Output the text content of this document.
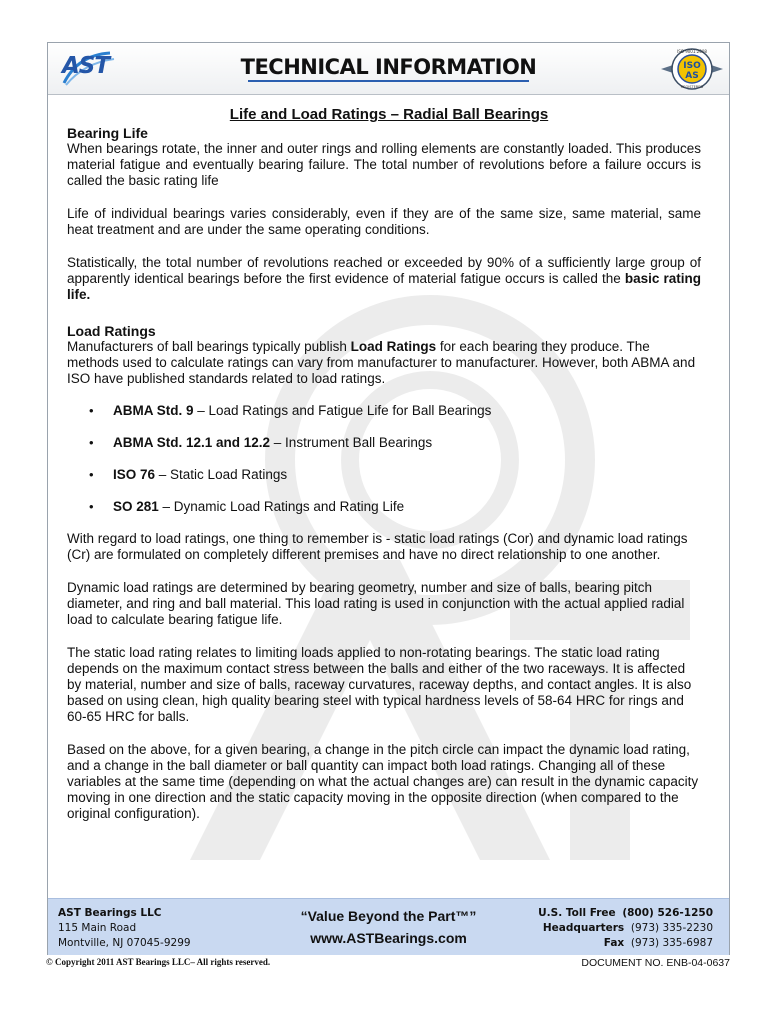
AST	TECHNICAL INFORMATION
ISO 9001:2008
ISO
AS
REGISTERED
Life and Load Ratings – Radial Ball Bearings
Bearing Life

When bearings rotate, the inner and outer rings and rolling elements are constantly loaded. This produces material fatigue and eventually bearing failure. The total number of revolutions before a failure occurs is called the basic rating life

Life of individual bearings varies considerably, even if they are of the same size, same material, same heat treatment and are under the same operating conditions.

Statistically, the total number of revolutions reached or exceeded by 90% of a sufficiently large group of apparently identical bearings before the first evidence of material fatigue occurs is called the basic rating life.

Load Ratings

Manufacturers of ball bearings typically publish Load Ratings for each bearing they produce. The methods used to calculate ratings can vary from manufacturer to manufacturer. However, both ABMA and ISO have published standards related to load ratings.

• ABMA Std. 9 – Load Ratings and Fatigue Life for Ball Bearings
• ABMA Std. 12.1 and 12.2 – Instrument Ball Bearings
• ISO 76 – Static Load Ratings
• SO 281 – Dynamic Load Ratings and Rating Life

With regard to load ratings, one thing to remember is - static load ratings (Cor) and dynamic load ratings (Cr) are formulated on completely different premises and have no direct relationship to one another.

Dynamic load ratings are determined by bearing geometry, number and size of balls, bearing pitch diameter, and ring and ball material. This load rating is used in conjunction with the actual applied radial load to calculate bearing fatigue life.

The static load rating relates to limiting loads applied to non-rotating bearings. The static load rating depends on the maximum contact stress between the balls and either of the two raceways. It is affected by material, number and size of balls, raceway curvatures, raceway depths, and contact angles. It is also based on using clean, high quality bearing steel with typical hardness levels of 58-64 HRC for rings and 60-65 HRC for balls.

Based on the above, for a given bearing, a change in the pitch circle can impact the dynamic load rating, and a change in the ball diameter or ball quantity can impact both load ratings. Changing all of these variables at the same time (depending on what the actual changes are) can result in the dynamic capacity moving in one direction and the static capacity moving in the opposite direction (when compared to the original configuration).

AST Bearings LLC
115 Main Road
Montville, NJ 07045-9299
“Value Beyond the Part™”
www.ASTBearings.com
U.S. Toll Free (800) 526-1250
Headquarters (973) 335-2230
Fax (973) 335-6987
© Copyright 2011 AST Bearings LLC– All rights reserved.	DOCUMENT NO. ENB-04-0637
